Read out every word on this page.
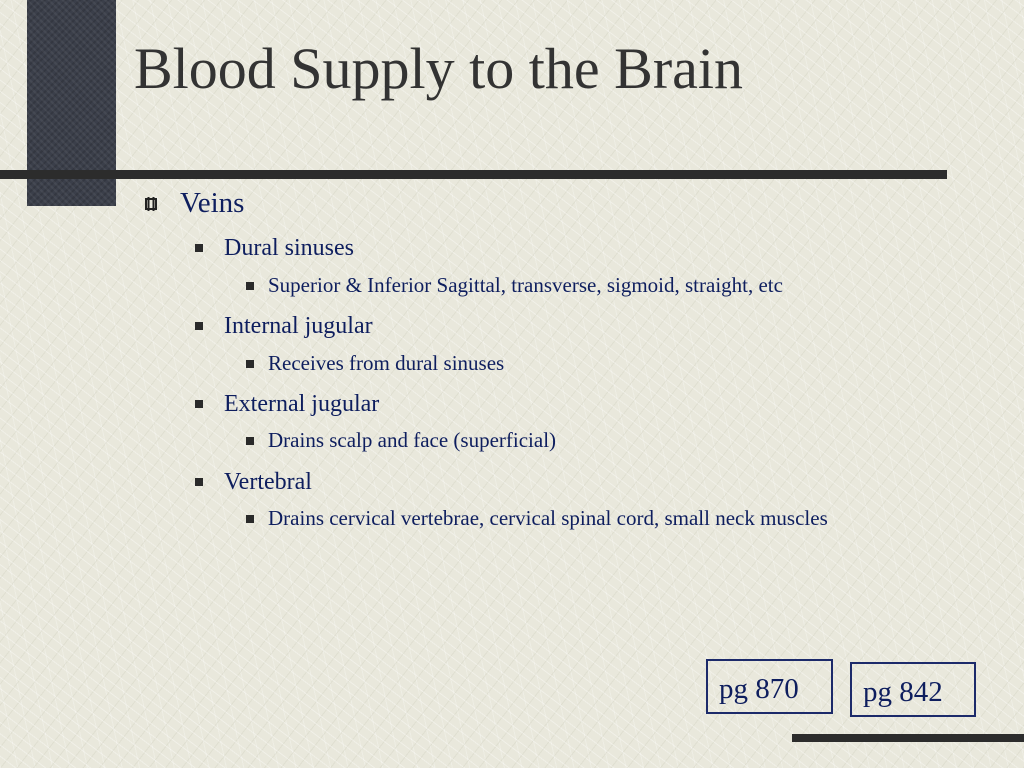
Blood Supply to the Brain
Veins
Dural sinuses
Superior & Inferior Sagittal, transverse, sigmoid, straight, etc
Internal jugular
Receives from dural sinuses
External jugular
Drains scalp and face (superficial)
Vertebral
Drains cervical vertebrae, cervical spinal cord, small neck muscles
pg 870	pg 842
